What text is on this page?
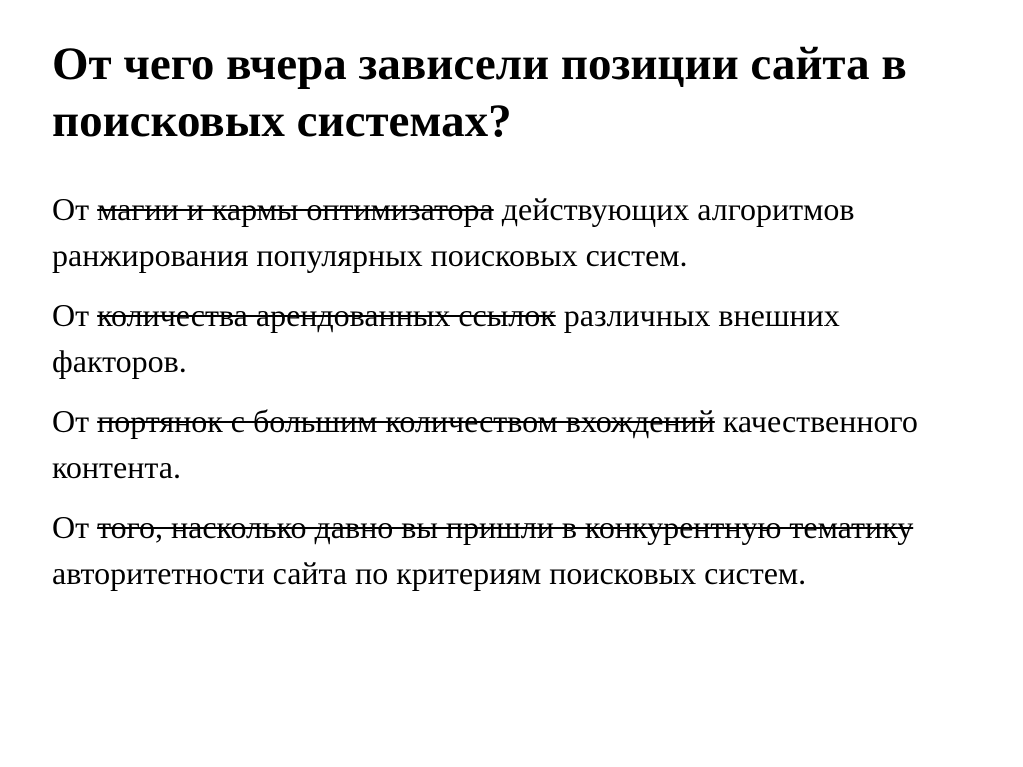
От чего вчера зависели позиции сайта в поисковых системах?

От магии и кармы оптимизатора действующих алгоритмов ранжирования популярных поисковых систем.

От количества арендованных ссылок различных внешних факторов.

От портянок с большим количеством вхождений качественного контента.

От того, насколько давно вы пришли в конкурентную тематику авторитетности сайта по критериям поисковых систем.
